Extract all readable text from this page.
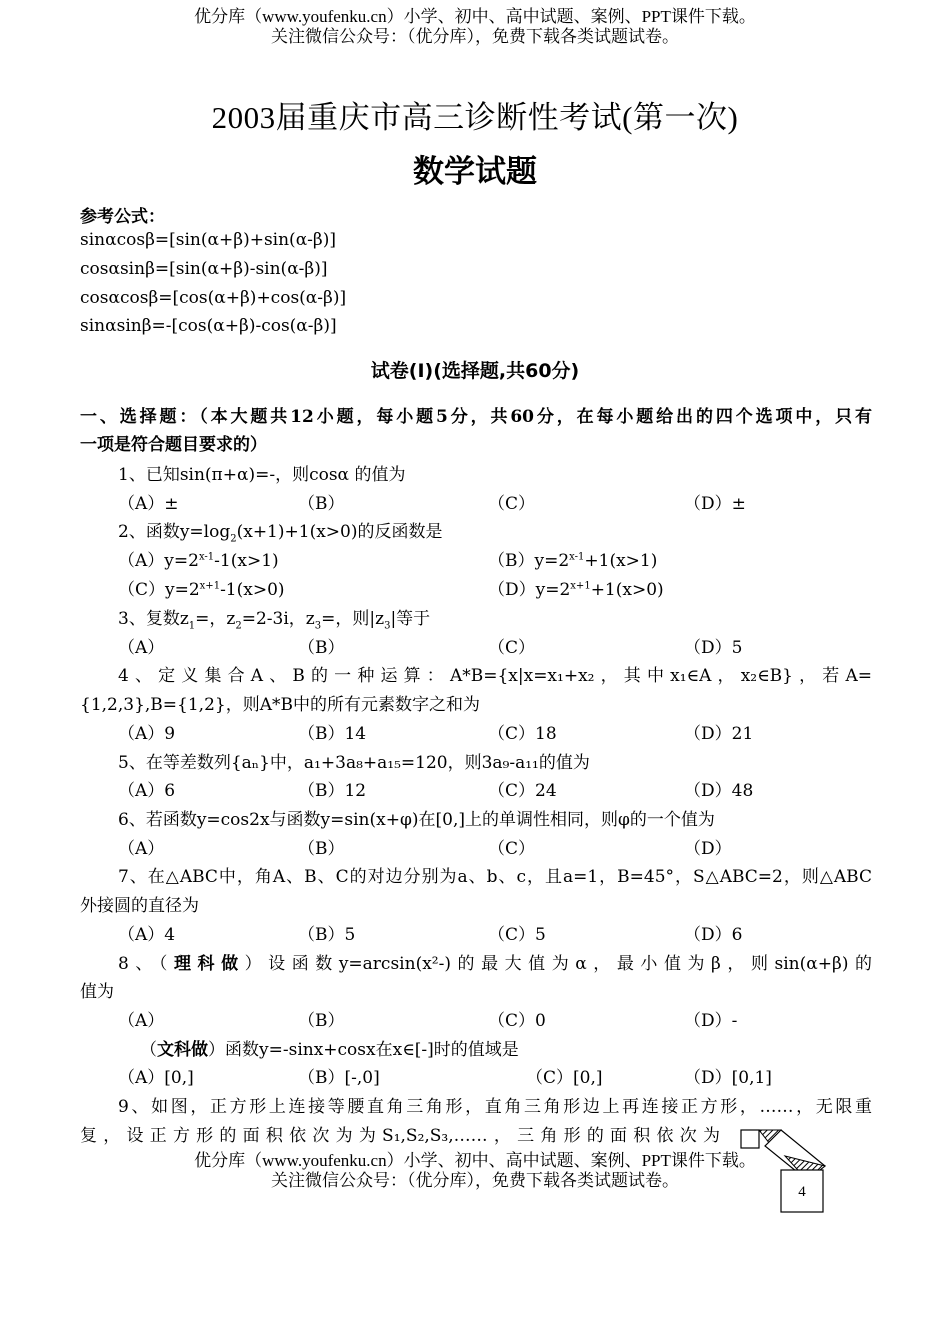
优分库（www.youfenku.cn）小学、初中、高中试题、案例、PPT课件下载。
关注微信公众号：（优分库），免费下载各类试题试卷。
2003届重庆市高三诊断性考试(第一次)
数学试题
参考公式：
sinαcosβ=[sin(α+β)+sin(α-β)]
cosαsinβ=[sin(α+β)-sin(α-β)]
cosαcosβ=[cos(α+β)+cos(α-β)]
sinαsinβ=-[cos(α+β)-cos(α-β)]
试卷(Ⅰ)(选择题,共60分)
一、选择题：（本大题共12小题，每小题5分，共60分，在每小题给出的四个选项中，只有
一项是符合题目要求的）
1、已知sin(π+α)=-，则cosα 的值为
（A）±	（B）	（C）	（D）±
2、函数$y=\log_2(x+1)+1(x>0)$的反函数是
$(A)y=2^{x-1}-1(x>1)$	$(B)y=2^{x-1}+1(x>1)$
$(C)y=2^{x+1}-1(x>0)$	$(D)y=2^{x+1}+1(x>0)$
3、复数$z_1=$，$z_2=2-3i$，$z_3=$，则$|z_3|$等于
（A）	（B）	（C）	（D）5
4、定义集合A、B的一种运算：A*B={x|x=x₁+x₂，其中x₁∈A，x₂∈B}，若A=
{1,2,3},B={1,2}，则A*B中的所有元素数字之和为
（A）9	（B）14	（C）18	（D）21
5、在等差数列{aₙ}中，a₁+3a₈+a₁₅=120，则3a₉-a₁₁的值为
（A）6	（B）12	（C）24	（D）48
6、若函数y=cos2x与函数y=sin(x+φ)在[0,]上的单调性相同，则φ的一个值为
（A）	（B）	（C）	（D）
7、在△ABC中，角A、B、C的对边分别为a、b、c，且a=1，B=45°，S△ABC=2，则△ABC
外接圆的直径为
（A）4	（B）5	（C）5	（D）6
8、（理科做）设函数y=arcsin(x²-)的最大值为α，最小值为β，则sin(α+β)的
值为
（A）	（B）	（C）0	（D）-
（文科做）函数y=-sinx+cosx在x∈[-]时的值域是
（A）[0,]	（B）[-,0]	（C）[0,]	（D）[0,1]
9、如图，正方形上连接等腰直角三角形，直角三角形边上再连接正方形，……，无限重
复，设正方形的面积依次为为S₁,S₂,S₃,……，三角形的面积依次为
4
优分库（www.youfenku.cn）小学、初中、高中试题、案例、PPT课件下载。
关注微信公众号：（优分库），免费下载各类试题试卷。
